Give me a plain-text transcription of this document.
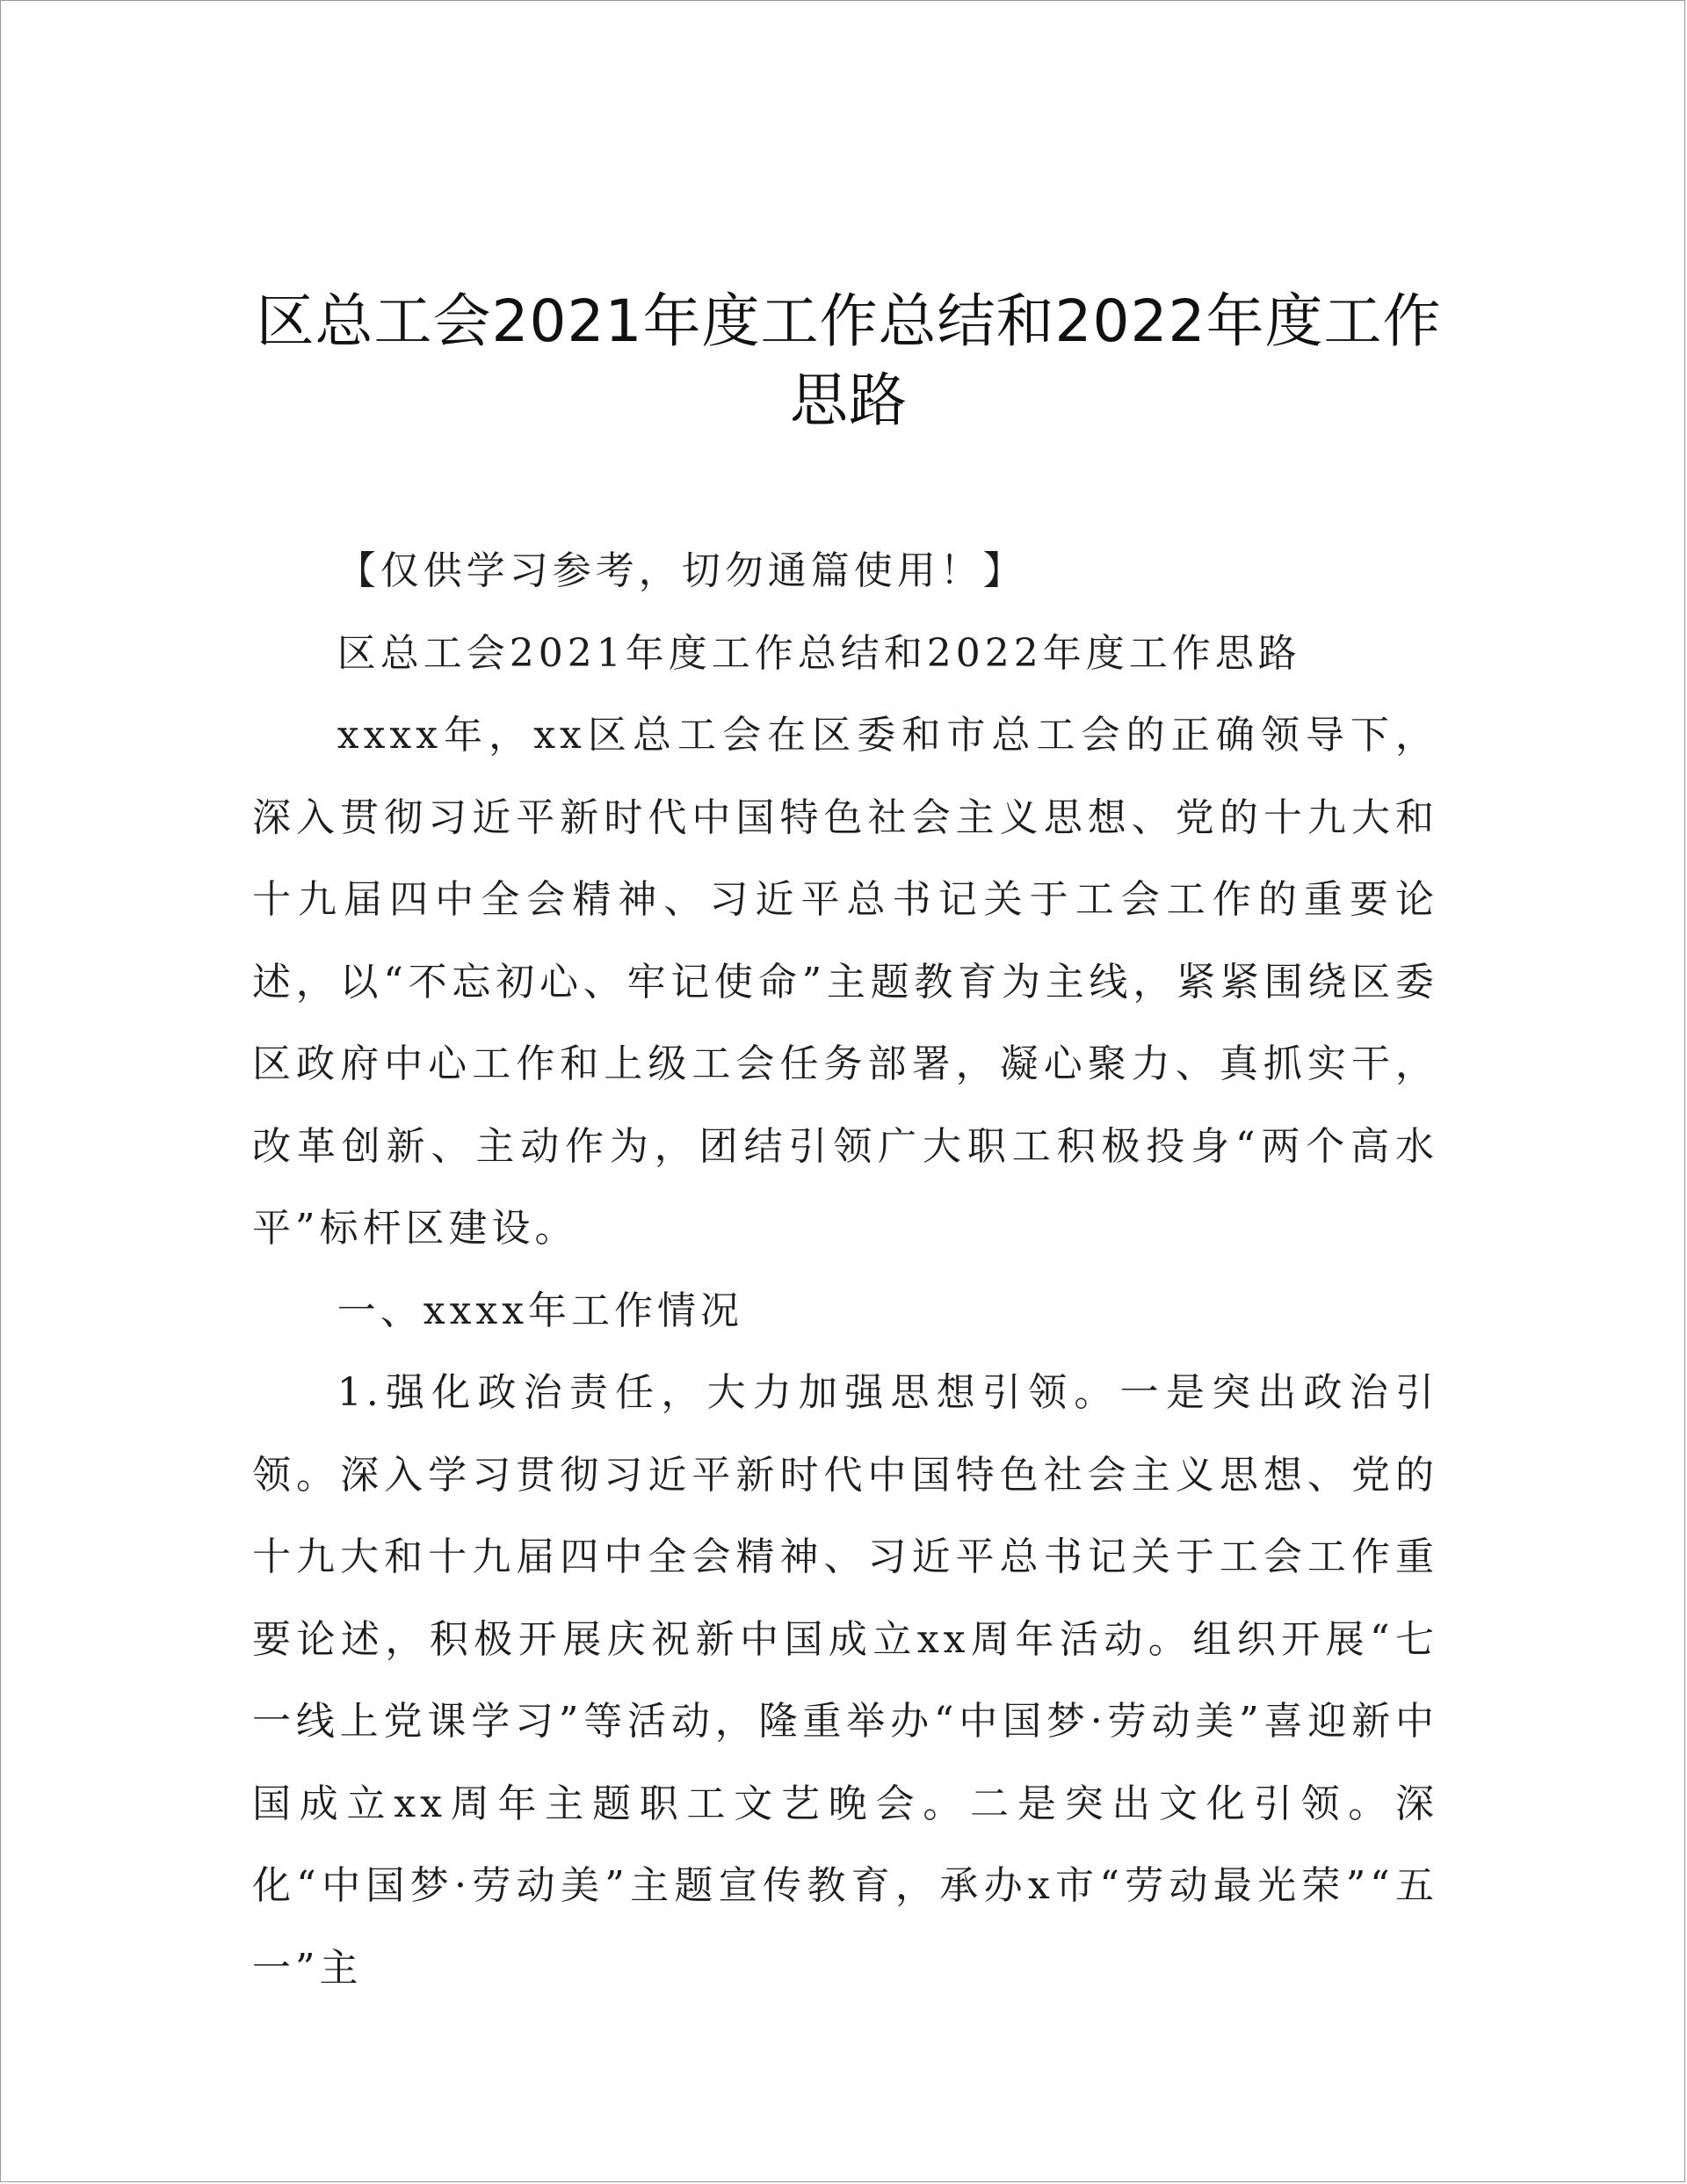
区总工会2021年度工作总结和2022年度工作思路

【仅供学习参考，切勿通篇使用！】

区总工会2021年度工作总结和2022年度工作思路

xxxx年，xx区总工会在区委和市总工会的正确领导下，深入贯彻习近平新时代中国特色社会主义思想、党的十九大和十九届四中全会精神、习近平总书记关于工会工作的重要论述，以“不忘初心、牢记使命”主题教育为主线，紧紧围绕区委区政府中心工作和上级工会任务部署，凝心聚力、真抓实干，改革创新、主动作为，团结引领广大职工积极投身“两个高水平”标杆区建设。

一、xxxx年工作情况

1.强化政治责任，大力加强思想引领。一是突出政治引领。深入学习贯彻习近平新时代中国特色社会主义思想、党的十九大和十九届四中全会精神、习近平总书记关于工会工作重要论述，积极开展庆祝新中国成立xx周年活动。组织开展“七一线上党课学习”等活动，隆重举办“中国梦·劳动美”喜迎新中国成立xx周年主题职工文艺晚会。二是突出文化引领。深化“中国梦·劳动美”主题宣传教育，承办x市“劳动最光荣”“五一”主
